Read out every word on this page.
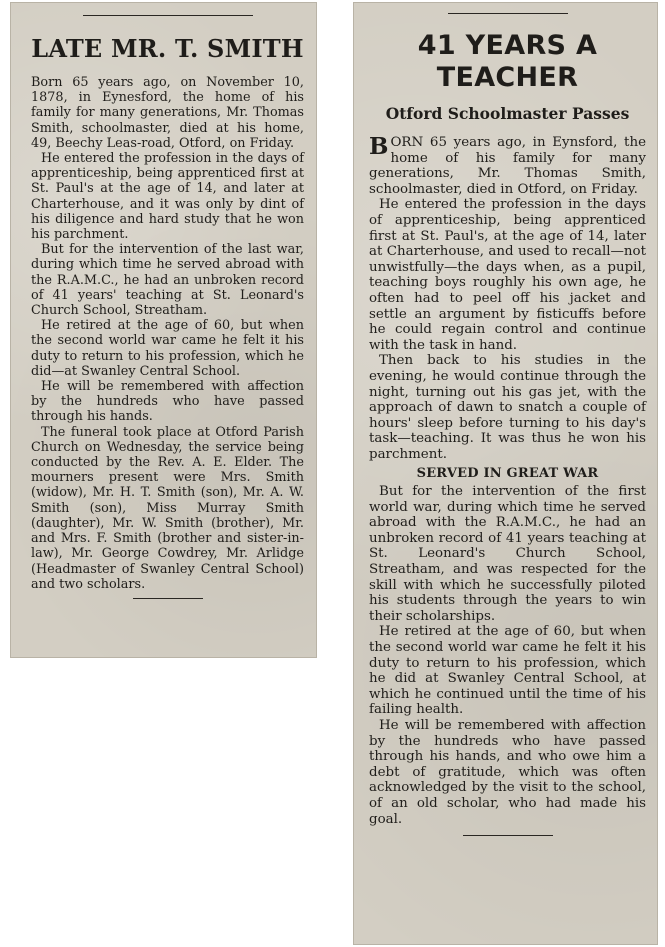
LATE MR. T. SMITH

Born 65 years ago, on November 10, 1878, in Eynesford, the home of his family for many generations, Mr. Thomas Smith, schoolmaster, died at his home, 49, Beechy Leas-road, Otford, on Friday.

He entered the profession in the days of apprenticeship, being apprenticed first at St. Paul's at the age of 14, and later at Charterhouse, and it was only by dint of his diligence and hard study that he won his parchment.

But for the intervention of the last war, during which time he served abroad with the R.A.M.C., he had an unbroken record of 41 years' teaching at St. Leonard's Church School, Streatham.

He retired at the age of 60, but when the second world war came he felt it his duty to return to his profession, which he did—at Swanley Central School.

He will be remembered with affection by the hundreds who have passed through his hands.

The funeral took place at Otford Parish Church on Wednesday, the service being conducted by the Rev. A. E. Elder. The mourners present were Mrs. Smith (widow), Mr. H. T. Smith (son), Mr. A. W. Smith (son), Miss Murray Smith (daughter), Mr. W. Smith (brother), Mr. and Mrs. F. Smith (brother and sister-in-law), Mr. George Cowdrey, Mr. Arlidge (Headmaster of Swanley Central School) and two scholars.

41 YEARS A TEACHER
Otford Schoolmaster Passes

BORN 65 years ago, in Eynsford, the home of his family for many generations, Mr. Thomas Smith, schoolmaster, died in Otford, on Friday.

He entered the profession in the days of apprenticeship, being apprenticed first at St. Paul's, at the age of 14, later at Charterhouse, and used to recall—not unwistfully—the days when, as a pupil, teaching boys roughly his own age, he often had to peel off his jacket and settle an argument by fisticuffs before he could regain control and continue with the task in hand.

Then back to his studies in the evening, he would continue through the night, turning out his gas jet, with the approach of dawn to snatch a couple of hours' sleep before turning to his day's task—teaching. It was thus he won his parchment.

SERVED IN GREAT WAR

But for the intervention of the first world war, during which time he served abroad with the R.A.M.C., he had an unbroken record of 41 years teaching at St. Leonard's Church School, Streatham, and was respected for the skill with which he successfully piloted his students through the years to win their scholarships.

He retired at the age of 60, but when the second world war came he felt it his duty to return to his profession, which he did at Swanley Central School, at which he continued until the time of his failing health.

He will be remembered with affection by the hundreds who have passed through his hands, and who owe him a debt of gratitude, which was often acknowledged by the visit to the school, of an old scholar, who had made his goal.
